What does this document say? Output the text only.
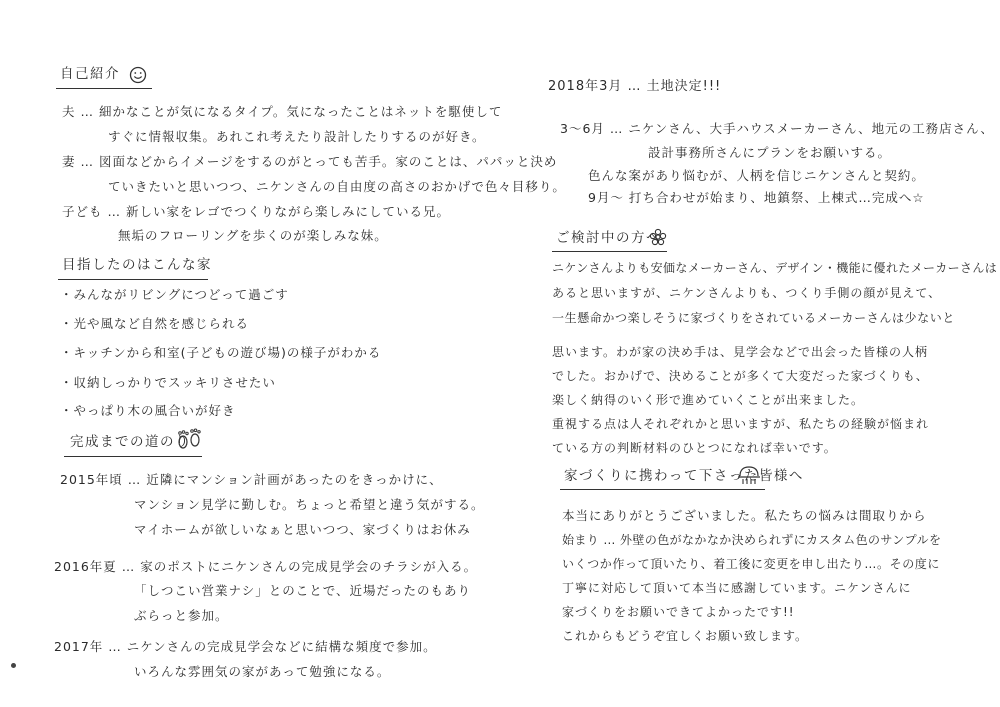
自己紹介
夫 … 細かなことが気になるタイプ。気になったことはネットを駆使して
すぐに情報収集。あれこれ考えたり設計したりするのが好き。
妻 … 図面などからイメージをするのがとっても苦手。家のことは、パパッと決め
ていきたいと思いつつ、ニケンさんの自由度の高さのおかげで色々目移り。
子ども … 新しい家をレゴでつくりながら楽しみにしている兄。
無垢のフローリングを歩くのが楽しみな妹。
目指したのはこんな家
・みんながリビングにつどって過ごす
・光や風など自然を感じられる
・キッチンから和室(子どもの遊び場)の様子がわかる
・収納しっかりでスッキリさせたい
・やっぱり木の風合いが好き
完成までの道のり
2015年頃 … 近隣にマンション計画があったのをきっかけに、
マンション見学に勤しむ。ちょっと希望と違う気がする。
マイホームが欲しいなぁと思いつつ、家づくりはお休み
2016年夏 … 家のポストにニケンさんの完成見学会のチラシが入る。
「しつこい営業ナシ」とのことで、近場だったのもあり
ぶらっと参加。
2017年 … ニケンさんの完成見学会などに結構な頻度で参加。
いろんな雰囲気の家があって勉強になる。
2018年3月 … 土地決定!!!
3〜6月 … ニケンさん、大手ハウスメーカーさん、地元の工務店さん、
設計事務所さんにプランをお願いする。
色んな案があり悩むが、人柄を信じニケンさんと契約。
9月〜 打ち合わせが始まり、地鎮祭、上棟式…完成へ☆
ご検討中の方へ
ニケンさんよりも安価なメーカーさん、デザイン・機能に優れたメーカーさんは
あると思いますが、ニケンさんよりも、つくり手側の顔が見えて、
一生懸命かつ楽しそうに家づくりをされているメーカーさんは少ないと
思います。わが家の決め手は、見学会などで出会った皆様の人柄
でした。おかげで、決めることが多くて大変だった家づくりも、
楽しく納得のいく形で進めていくことが出来ました。
重視する点は人それぞれかと思いますが、私たちの経験が悩まれ
ている方の判断材料のひとつになれば幸いです。
家づくりに携わって下さった皆様へ
本当にありがとうございました。私たちの悩みは間取りから
始まり … 外壁の色がなかなか決められずにカスタム色のサンプルを
いくつか作って頂いたり、着工後に変更を申し出たり…。その度に
丁寧に対応して頂いて本当に感謝しています。ニケンさんに
家づくりをお願いできてよかったです!!
これからもどうぞ宜しくお願い致します。
